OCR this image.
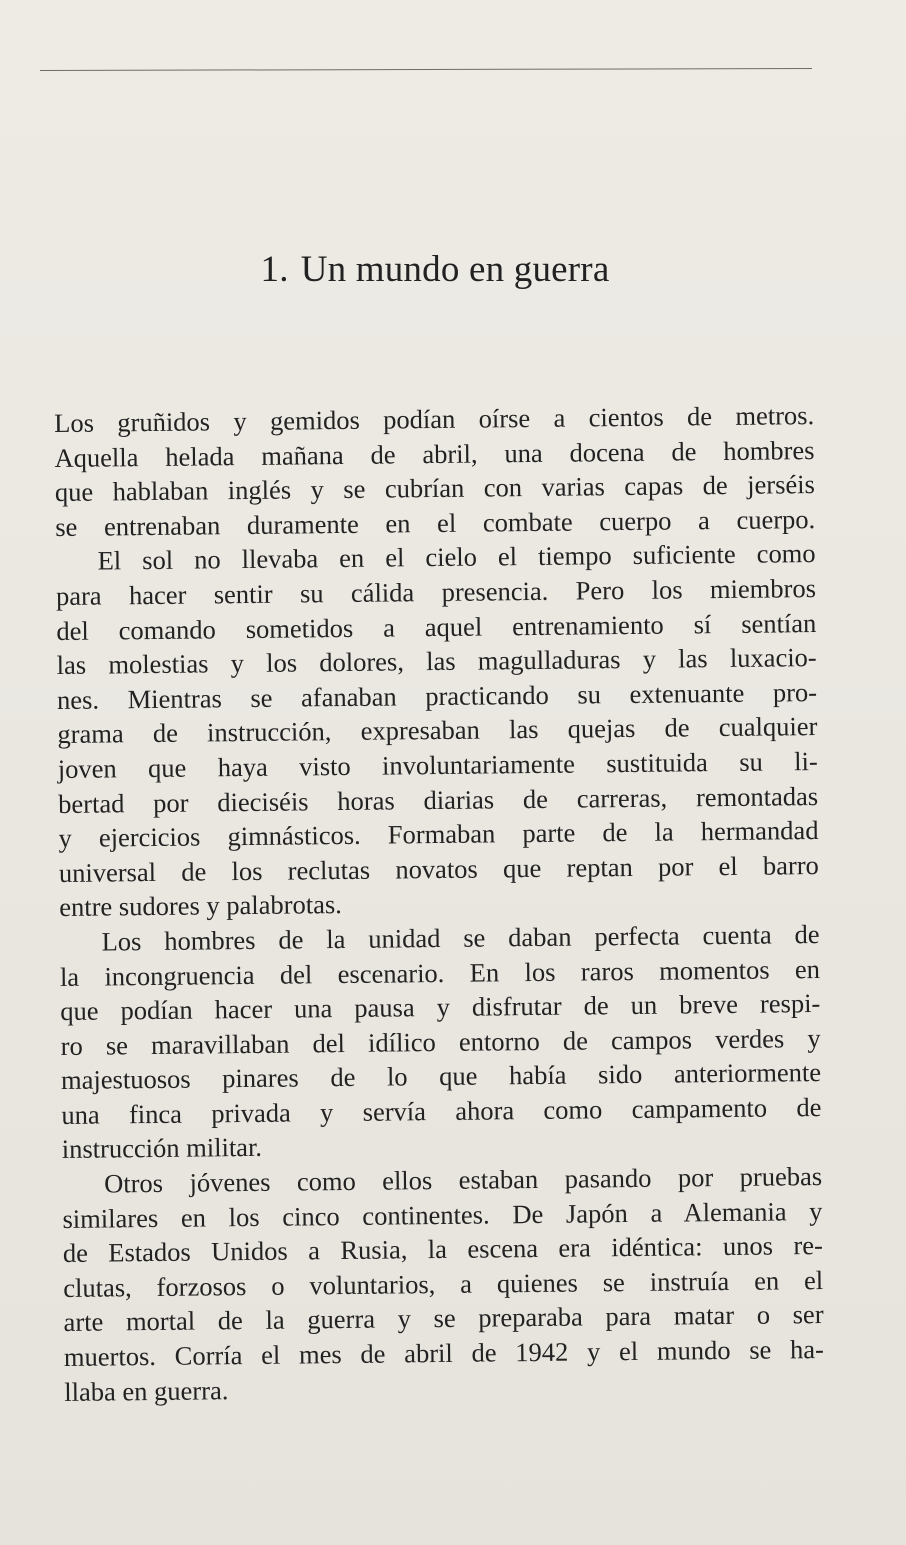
1. Un mundo en guerra
Los gruñidos y gemidos podían oírse a cientos de metros.
Aquella helada mañana de abril, una docena de hombres
que hablaban inglés y se cubrían con varias capas de jerséis
se entrenaban duramente en el combate cuerpo a cuerpo.
El sol no llevaba en el cielo el tiempo suficiente como
para hacer sentir su cálida presencia. Pero los miembros
del comando sometidos a aquel entrenamiento sí sentían
las molestias y los dolores, las magulladuras y las luxacio-
nes. Mientras se afanaban practicando su extenuante pro-
grama de instrucción, expresaban las quejas de cualquier
joven que haya visto involuntariamente sustituida su li-
bertad por dieciséis horas diarias de carreras, remontadas
y ejercicios gimnásticos. Formaban parte de la hermandad
universal de los reclutas novatos que reptan por el barro
entre sudores y palabrotas.
Los hombres de la unidad se daban perfecta cuenta de
la incongruencia del escenario. En los raros momentos en
que podían hacer una pausa y disfrutar de un breve respi-
ro se maravillaban del idílico entorno de campos verdes y
majestuosos pinares de lo que había sido anteriormente
una finca privada y servía ahora como campamento de
instrucción militar.
Otros jóvenes como ellos estaban pasando por pruebas
similares en los cinco continentes. De Japón a Alemania y
de Estados Unidos a Rusia, la escena era idéntica: unos re-
clutas, forzosos o voluntarios, a quienes se instruía en el
arte mortal de la guerra y se preparaba para matar o ser
muertos. Corría el mes de abril de 1942 y el mundo se ha-
llaba en guerra.
